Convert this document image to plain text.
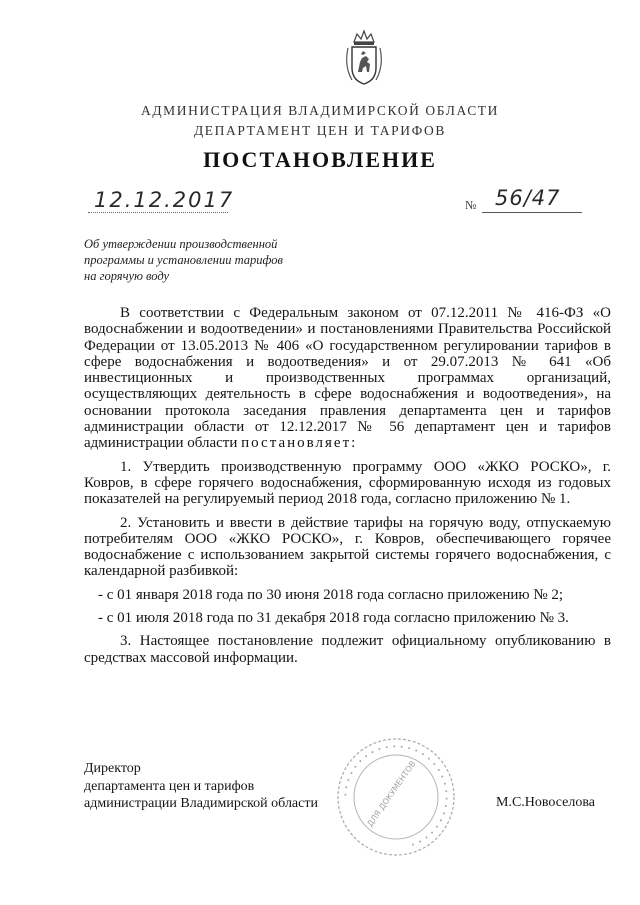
АДМИНИСТРАЦИЯ ВЛАДИМИРСКОЙ ОБЛАСТИ
ДЕПАРТАМЕНТ ЦЕН И ТАРИФОВ
ПОСТАНОВЛЕНИЕ
12.12.2017	№ 56/47
Об утверждении производственной
программы и установлении тарифов
на горячую воду

В соответствии с Федеральным законом от 07.12.2011 № 416-ФЗ «О водоснабжении и водоотведении» и постановлениями Правительства Российской Федерации от 13.05.2013 № 406 «О государственном регулировании тарифов в сфере водоснабжения и водоотведения» и от 29.07.2013 № 641 «Об инвестиционных и производственных программах организаций, осуществляющих деятельность в сфере водоснабжения и водоотведения», на основании протокола заседания правления департамента цен и тарифов администрации области от 12.12.2017 № 56 департамент цен и тарифов администрации области постановляет:

1. Утвердить производственную программу ООО «ЖКО РОСКО», г. Ковров, в сфере горячего водоснабжения, сформированную исходя из годовых показателей на регулируемый период 2018 года, согласно приложению № 1.

2. Установить и ввести в действие тарифы на горячую воду, отпускаемую потребителям ООО «ЖКО РОСКО», г. Ковров, обеспечивающего горячее водоснабжение с использованием закрытой системы горячего водоснабжения, с календарной разбивкой:

- с 01 января 2018 года по 30 июня 2018 года согласно приложению № 2;

- с 01 июля 2018 года по 31 декабря 2018 года согласно приложению № 3.

3. Настоящее постановление подлежит официальному опубликованию в средствах массовой информации.

Директор
департамента цен и тарифов
администрации Владимирской области	М.С.Новоселова
••••••••••••••••••••••••••••••
ДЛЯ ДОКУМЕНТОВ
